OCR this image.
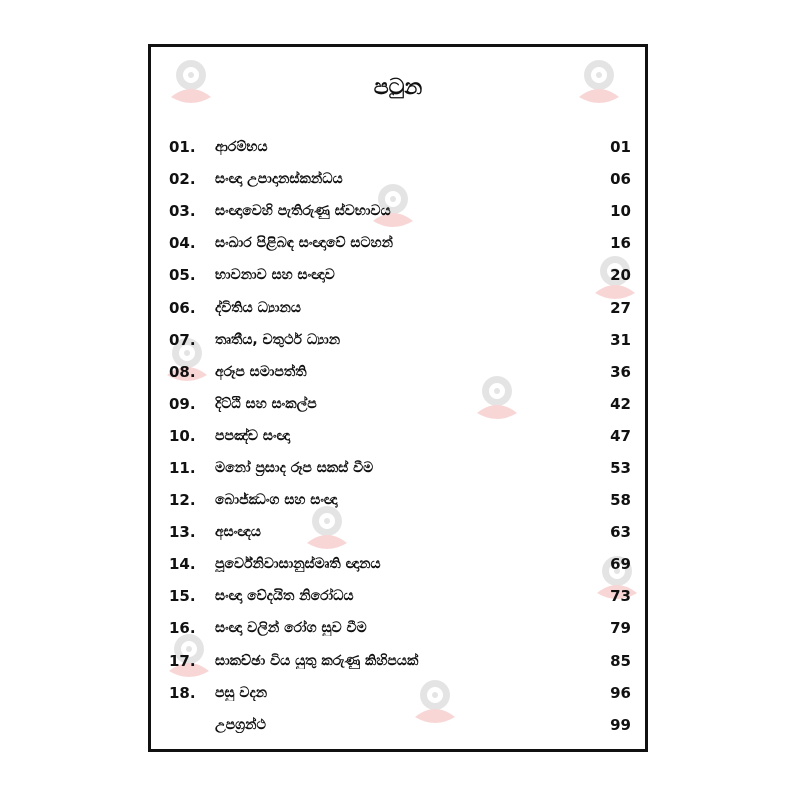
පටුන
01.	ආරම්භය	01
02.	සංඥා උපාදානස්කන්ධය	06
03.	සංඥාවෙහි පැතිරුණු ස්වභාවය	10
04.	සංඛාර පිළිබඳ සංඥාවේ සටහන්	16
05.	භාවනාව සහ සංඥාව	20
06.	ද්විතිය ධ්‍යානය	27
07.	තෘතීය, චතුර්ථ ධ්‍යාන	31
08.	අරූප සමාපත්ති	36
09.	දිට්ඨි සහ සංකල්ප	42
10.	පපඤ්ච සංඥා	47
11.	මනෝ ප්‍රසාද රූප සකස් වීම	53
12.	බොජ්ඣංග සහ සංඥා	58
13.	අසංඥය	63
14.	පූර්වේනිවාසානුස්මෘති ඥානය	69
15.	සංඥා වේදයිත නිරෝධය	73
16.	සංඥා වලින් රෝග සුව වීම	79
17.	සාකච්ඡා විය යුතු කරුණු කිහිපයක්	85
18.	පසු වදන	96
උපග්‍රන්ථ	99
